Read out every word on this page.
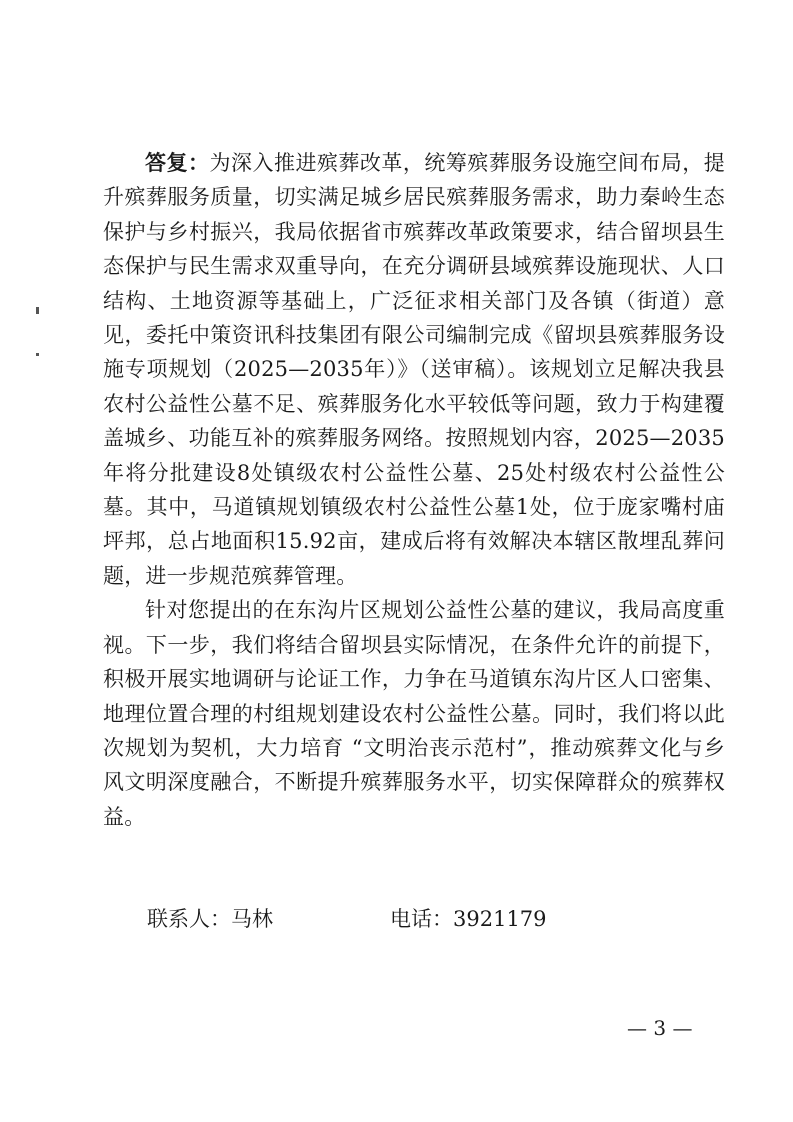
答复：为深入推进殡葬改革，统筹殡葬服务设施空间布局，提升殡葬服务质量，切实满足城乡居民殡葬服务需求，助力秦岭生态保护与乡村振兴，我局依据省市殡葬改革政策要求，结合留坝县生态保护与民生需求双重导向，在充分调研县域殡葬设施现状、人口结构、土地资源等基础上，广泛征求相关部门及各镇（街道）意见，委托中策资讯科技集团有限公司编制完成《留坝县殡葬服务设施专项规划（2025—2035年）》（送审稿）。该规划立足解决我县农村公益性公墓不足、殡葬服务化水平较低等问题，致力于构建覆盖城乡、功能互补的殡葬服务网络。按照规划内容，2025—2035年将分批建设8处镇级农村公益性公墓、25处村级农村公益性公墓。其中，马道镇规划镇级农村公益性公墓1处，位于庞家嘴村庙坪邦，总占地面积15.92亩，建成后将有效解决本辖区散埋乱葬问题，进一步规范殡葬管理。

针对您提出的在东沟片区规划公益性公墓的建议，我局高度重视。下一步，我们将结合留坝县实际情况，在条件允许的前提下，积极开展实地调研与论证工作，力争在马道镇东沟片区人口密集、地理位置合理的村组规划建设农村公益性公墓。同时，我们将以此次规划为契机，大力培育 “文明治丧示范村”，推动殡葬文化与乡风文明深度融合，不断提升殡葬服务水平，切实保障群众的殡葬权益。

联系人：马林	电话：3921179
— 3 —
